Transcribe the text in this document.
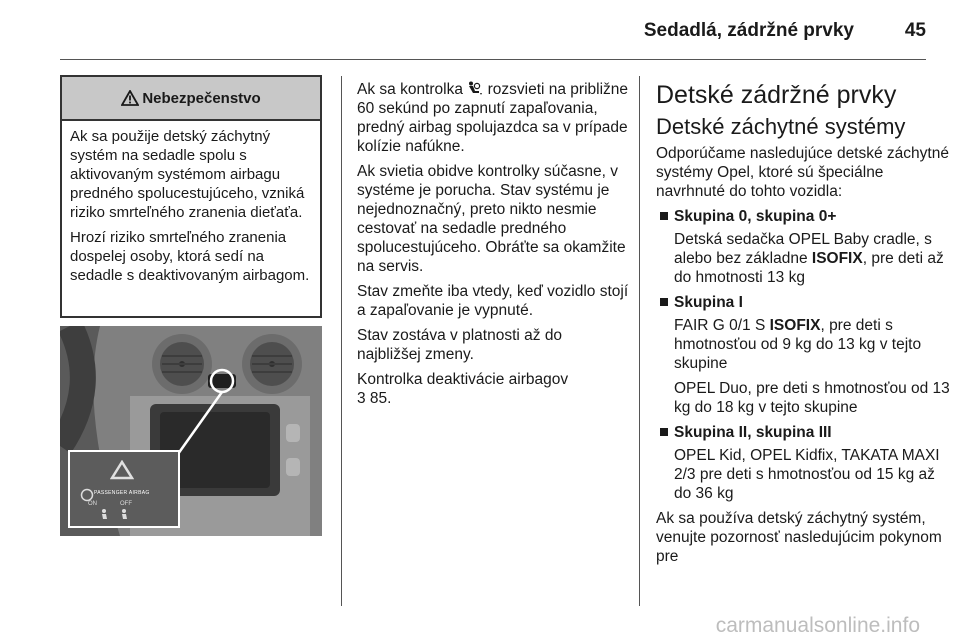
Sedadlá, zádržné prvky	45
Nebezpečenstvo

Ak sa použije detský záchytný systém na sedadle spolu s aktivovaným systémom airbagu predného spolucestujúceho, vzniká riziko smrteľného zranenia dieťaťa.

Hrozí riziko smrteľného zranenia dospelej osoby, ktorá sedí na sedadle s deaktivovaným airbagom.

PASSENGER AIRBAG
ON	OFF

Ak sa kontrolka rozsvieti na približne 60 sekúnd po zapnutí zapaľovania, predný airbag spolujazdca sa v prípade kolízie nafúkne.

Ak svietia obidve kontrolky súčasne, v systéme je porucha. Stav systému je nejednoznačný, preto nikto nesmie cestovať na sedadle predného spolucestujúceho. Obráťte sa okamžite na servis.

Stav zmeňte iba vtedy, keď vozidlo stojí a zapaľovanie je vypnuté.

Stav zostáva v platnosti až do najbližšej zmeny.

Kontrolka deaktivácie airbagov
3 85.

Detské zádržné prvky
Detské záchytné systémy

Odporúčame nasledujúce detské záchytné systémy Opel, ktoré sú špeciálne navrhnuté do tohto vozidla:

Skupina 0, skupina 0+

Detská sedačka OPEL Baby cradle, s alebo bez základne ISOFIX, pre deti až do hmotnosti 13 kg

Skupina I

FAIR G 0/1 S ISOFIX, pre deti s hmotnosťou od 9 kg do 13 kg v tejto skupine

OPEL Duo, pre deti s hmotnosťou od 13 kg do 18 kg v tejto skupine

Skupina II, skupina III

OPEL Kid, OPEL Kidfix, TAKATA MAXI 2/3 pre deti s hmotnosťou od 15 kg až do 36 kg

Ak sa používa detský záchytný systém, venujte pozornosť nasledujúcim pokynom pre

carmanualsonline.info
